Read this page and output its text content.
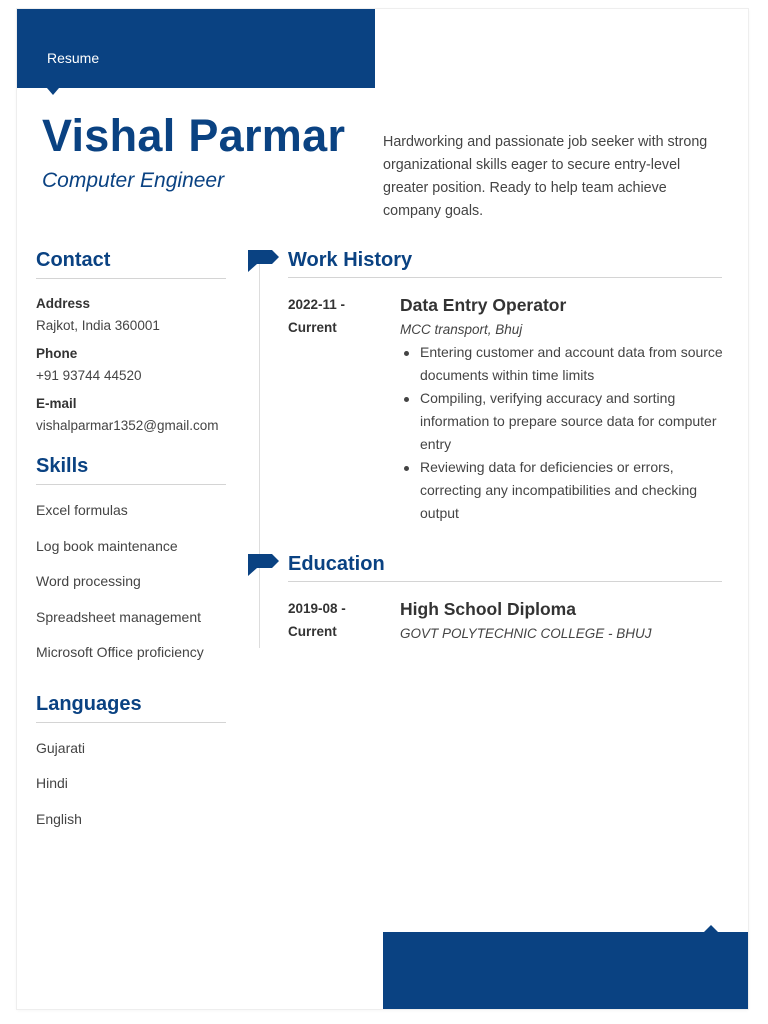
Resume
Vishal Parmar
Computer Engineer
Hardworking and passionate job seeker with strong organizational skills eager to secure entry-level greater position. Ready to help team achieve company goals.
Contact
Address
Rajkot, India 360001
Phone
+91 93744 44520
E-mail
vishalparmar1352@gmail.com
Skills
Excel formulas
Log book maintenance
Word processing
Spreadsheet management
Microsoft Office proficiency
Languages
Gujarati
Hindi
English
Work History
2022-11 -
Current
Data Entry Operator
MCC transport, Bhuj
Entering customer and account data from source documents within time limits
Compiling, verifying accuracy and sorting information to prepare source data for computer entry
Reviewing data for deficiencies or errors, correcting any incompatibilities and checking output
Education
2019-08 -
Current
High School Diploma
GOVT POLYTECHNIC COLLEGE - BHUJ
